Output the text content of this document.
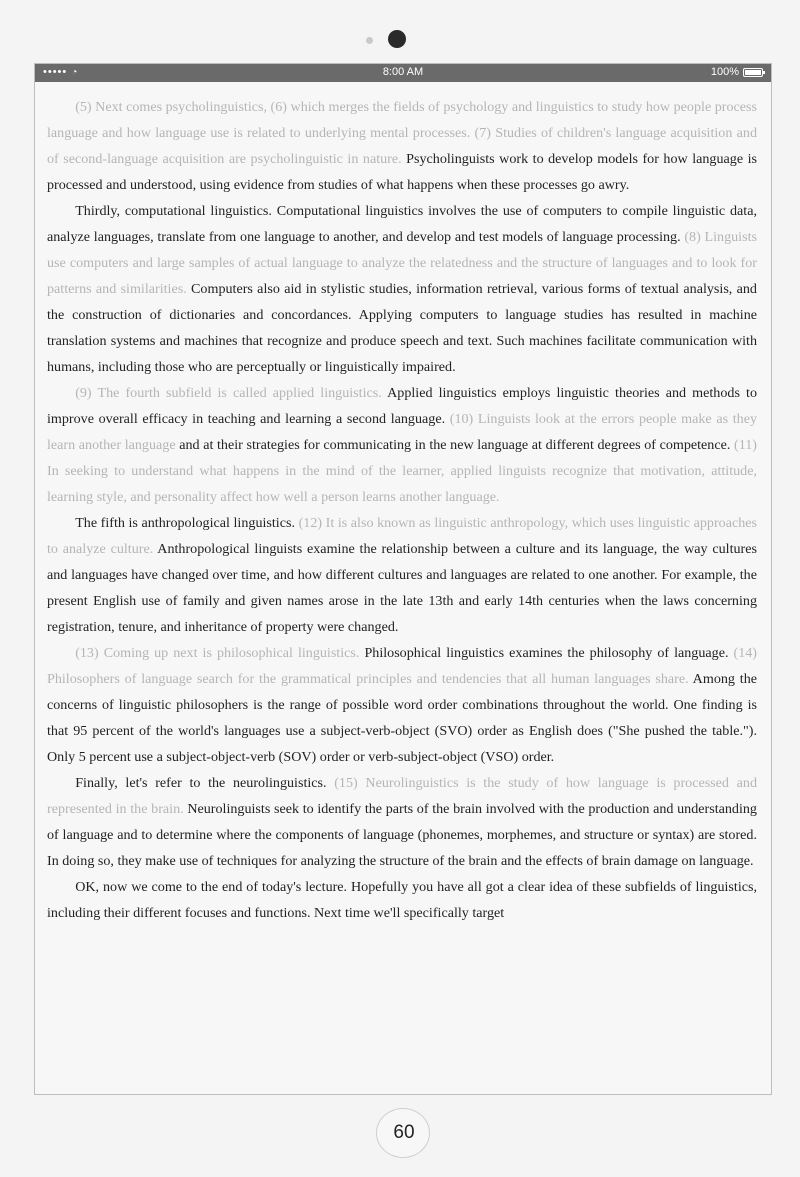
••••• ◔	8:00 AM	100%

(5) Next comes psycholinguistics, (6) which merges the fields of psychology and linguistics to study how people process language and how language use is related to underlying mental processes. (7) Studies of children's language acquisition and of second-language acquisition are psycholinguistic in nature. Psycholinguists work to develop models for how language is processed and understood, using evidence from studies of what happens when these processes go awry.

Thirdly, computational linguistics. Computational linguistics involves the use of computers to compile linguistic data, analyze languages, translate from one language to another, and develop and test models of language processing. (8) Linguists use computers and large samples of actual language to analyze the relatedness and the structure of languages and to look for patterns and similarities. Computers also aid in stylistic studies, information retrieval, various forms of textual analysis, and the construction of dictionaries and concordances. Applying computers to language studies has resulted in machine translation systems and machines that recognize and produce speech and text. Such machines facilitate communication with humans, including those who are perceptually or linguistically impaired.

(9) The fourth subfield is called applied linguistics. Applied linguistics employs linguistic theories and methods to improve overall efficacy in teaching and learning a second language. (10) Linguists look at the errors people make as they learn another language and at their strategies for communicating in the new language at different degrees of competence. (11) In seeking to understand what happens in the mind of the learner, applied linguists recognize that motivation, attitude, learning style, and personality affect how well a person learns another language.

The fifth is anthropological linguistics. (12) It is also known as linguistic anthropology, which uses linguistic approaches to analyze culture. Anthropological linguists examine the relationship between a culture and its language, the way cultures and languages have changed over time, and how different cultures and languages are related to one another. For example, the present English use of family and given names arose in the late 13th and early 14th centuries when the laws concerning registration, tenure, and inheritance of property were changed.

(13) Coming up next is philosophical linguistics. Philosophical linguistics examines the philosophy of language. (14) Philosophers of language search for the grammatical principles and tendencies that all human languages share. Among the concerns of linguistic philosophers is the range of possible word order combinations throughout the world. One finding is that 95 percent of the world's languages use a subject-verb-object (SVO) order as English does ("She pushed the table."). Only 5 percent use a subject-object-verb (SOV) order or verb-subject-object (VSO) order.

Finally, let's refer to the neurolinguistics. (15) Neurolinguistics is the study of how language is processed and represented in the brain. Neurolinguists seek to identify the parts of the brain involved with the production and understanding of language and to determine where the components of language (phonemes, morphemes, and structure or syntax) are stored. In doing so, they make use of techniques for analyzing the structure of the brain and the effects of brain damage on language.

OK, now we come to the end of today's lecture. Hopefully you have all got a clear idea of these subfields of linguistics, including their different focuses and functions. Next time we'll specifically target

60
